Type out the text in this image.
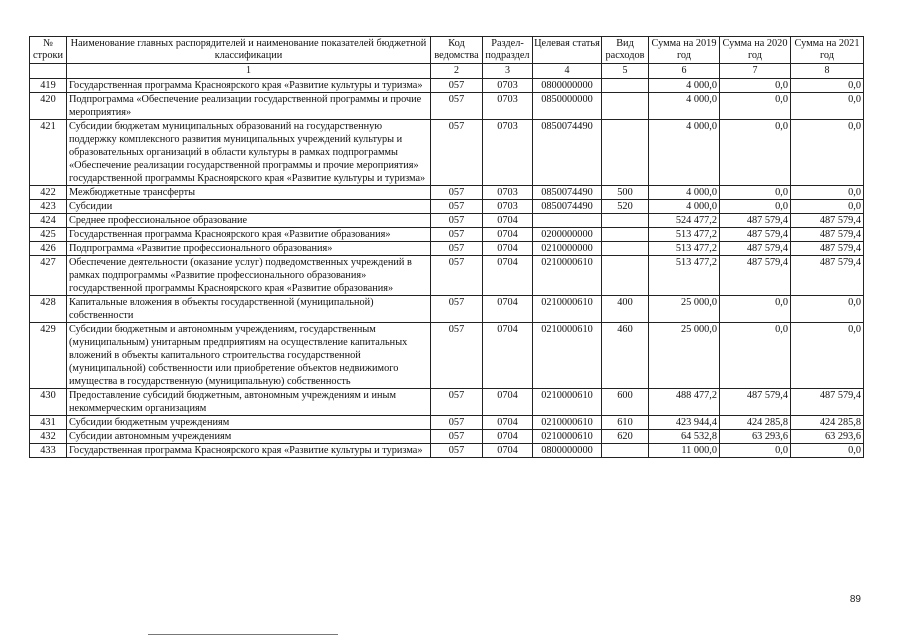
№ строки	Наименование главных распорядителей и наименование показателей бюджетной классификации	Код ведомства	Раздел-подраздел	Целевая статья	Вид расходов	Сумма на 2019 год	Сумма на 2020 год	Сумма на 2021 год
	1	2	3	4	5	6	7	8
419	Государственная программа Красноярского края «Развитие культуры и туризма»	057	0703	0800000000		4 000,0	0,0	0,0
420	Подпрограмма «Обеспечение реализации государственной программы и прочие мероприятия»	057	0703	0850000000		4 000,0	0,0	0,0
421	Субсидии бюджетам муниципальных образований на государственную поддержку комплексного развития муниципальных учреждений культуры и образовательных организаций в области культуры в рамках подпрограммы «Обеспечение реализации государственной программы и прочие мероприятия» государственной программы Красноярского края «Развитие культуры и туризма»	057	0703	0850074490		4 000,0	0,0	0,0
422	Межбюджетные трансферты	057	0703	0850074490	500	4 000,0	0,0	0,0
423	Субсидии	057	0703	0850074490	520	4 000,0	0,0	0,0
424	Среднее профессиональное образование	057	0704			524 477,2	487 579,4	487 579,4
425	Государственная программа Красноярского края «Развитие образования»	057	0704	0200000000		513 477,2	487 579,4	487 579,4
426	Подпрограмма «Развитие профессионального образования»	057	0704	0210000000		513 477,2	487 579,4	487 579,4
427	Обеспечение деятельности (оказание услуг) подведомственных учреждений в рамках подпрограммы «Развитие профессионального образования» государственной программы Красноярского края «Развитие образования»	057	0704	0210000610		513 477,2	487 579,4	487 579,4
428	Капитальные вложения в объекты государственной (муниципальной) собственности	057	0704	0210000610	400	25 000,0	0,0	0,0
429	Субсидии бюджетным и автономным учреждениям, государственным (муниципальным) унитарным предприятиям на осуществление капитальных вложений в объекты капитального строительства государственной (муниципальной) собственности или приобретение объектов недвижимого имущества в государственную (муниципальную) собственность	057	0704	0210000610	460	25 000,0	0,0	0,0
430	Предоставление субсидий бюджетным, автономным учреждениям и иным некоммерческим организациям	057	0704	0210000610	600	488 477,2	487 579,4	487 579,4
431	Субсидии бюджетным учреждениям	057	0704	0210000610	610	423 944,4	424 285,8	424 285,8
432	Субсидии автономным учреждениям	057	0704	0210000610	620	64 532,8	63 293,6	63 293,6
433	Государственная программа Красноярского края «Развитие культуры и туризма»	057	0704	0800000000		11 000,0	0,0	0,0
89
